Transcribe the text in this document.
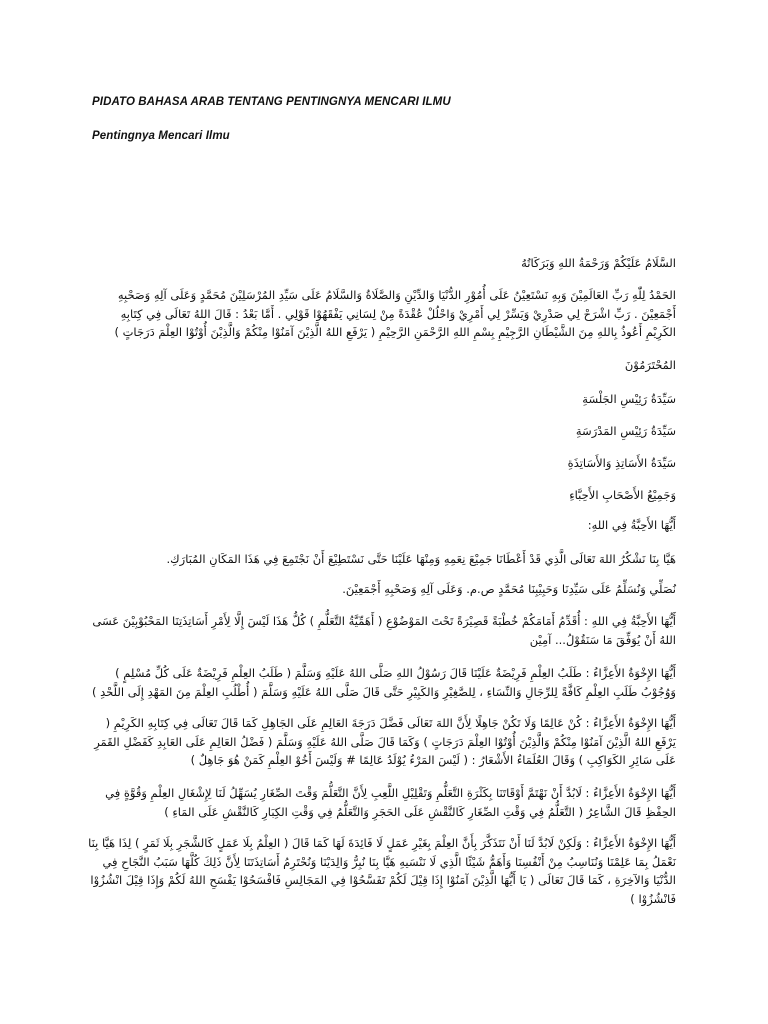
PIDATO BAHASA ARAB TENTANG PENTINGNYA MENCARI ILMU
Pentingnya Mencari Ilmu
السَّلَامُ عَلَيْكُمْ وَرَحْمَةُ اللهِ وَبَرَكَاتُهُ
الحَمْدُ لِلّٰهِ رَبِّ العَالَمِيْنَ وَبِهِ نَسْتَعِيْنُ عَلَى أُمُوْرِ الدُّنْيَا وَالدِّيْنِ وَالصَّلَاةُ وَالسَّلَامُ عَلَى سَيِّدِ المُرْسَلِيْنَ مُحَمَّدٍ وَعَلَى آلِهِ وَصَحْبِهِ أَجْمَعِيْنَ . رَبِّ اشْرَحْ لِي صَدْرِيْ وَيَسِّرْ لِي أَمْرِيْ وَاحْلُلْ عُقْدَةً مِنْ لِسَانِي يَفْقَهُوْا قَوْلِي . أَمَّا بَعْدُ : قَالَ اللهُ تَعَالَى فِي كِتَابِهِ الكَرِيْمِ أَعُوذُ بِاللهِ مِنَ الشَّيْطَانِ الرَّجِيْمِ بِسْمِ اللهِ الرَّحْمَنِ الرَّحِيْمِ ( يَرْفَعِ اللهُ الَّذِيْنَ آمَنُوْا مِنْكُمْ وَالَّذِيْنَ أُوْتُوْا العِلْمَ دَرَجَاتٍ )
المُحْتَرَمُوْنَ
سَيِّدَةُ رَئِيْسِ الجَلْسَةِ
سَيِّدَةُ رَئِيْسِ المَدْرَسَةِ
سَيِّدَةُ الأَسَاتِذِ وَالأَسَاتِذَةِ
وَجَمِيْعُ الأَصْحَابِ الأَحِبَّاءِ
أَيُّهَا الأَحِبَّةُ فِي اللهِ:
هَيَّا بِنَا نَشْكُرُ اللهَ تَعَالَى الَّذِي قَدْ أَعْطَانَا جَمِيْعَ نِعَمِهِ وَمِنْهَا عَلَيْنَا حَتَّى نَسْتَطِيْعَ أَنْ نَجْتَمِعَ فِي هَذَا المَكَانِ المُبَارَكِ.
نُصَلِّي وَنُسَلِّمُ عَلَى سَيِّدِنَا وَحَبِيْبِنَا مُحَمَّدٍ ص.م. وَعَلَى آلِهِ وَصَحْبِهِ أَجْمَعِيْنَ.
أَيُّهَا الأَحِبَّةُ فِي اللهِ : أُقَدِّمُ أَمَامَكُمْ خُطْبَةً قَصِيْرَةً تَحْتَ المَوْضُوْعِ ( أَهَمِّيَّةُ التَّعَلُّمِ ) كُلُّ هَذَا لَيْسَ إِلَّا لِأَمْرِ أَسَاتِذَتِنَا المَحْبُوْبِيْنَ عَسَى اللهُ أَنْ يُوَفِّقَ مَا سَنَقُوْلُ... آمِيْن
أَيُّهَا الإِخْوَةُ الأَعِزَّاءُ : طَلَبُ العِلْمِ فَرِيْضَةٌ عَلَيْنَا قَالَ رَسُوْلُ اللهِ صَلَّى اللهُ عَلَيْهِ وَسَلَّمَ ( طَلَبُ العِلْمِ فَرِيْضَةٌ عَلَى كُلِّ مُسْلِمٍ ) وَوُجُوْبُ طَلَبِ العِلْمِ كَافَّةً لِلرِّجَالِ وَالنِّسَاءِ ، لِلصَّغِيْرِ وَالكَبِيْرِ حَتَّى قَالَ صَلَّى اللهُ عَلَيْهِ وَسَلَّمَ ( أُطْلُبِ العِلْمَ مِنَ المَهْدِ إِلَى اللَّحْدِ )
أَيُّهَا الإِخْوَةُ الأَعِزَّاءُ : كُنْ عَالِمًا وَلَا تَكُنْ جَاهِلًا لِأَنَّ اللهَ تَعَالَى فَضَّلَ دَرَجَةَ العَالِمِ عَلَى الجَاهِلِ كَمَا قَالَ تَعَالَى فِي كِتَابِهِ الكَرِيْمِ ( يَرْفَعِ اللهُ الَّذِيْنَ آمَنُوْا مِنْكُمْ وَالَّذِيْنَ أُوْتُوْا العِلْمَ دَرَجَاتٍ ) وَكَمَا قَالَ صَلَّى اللهُ عَلَيْهِ وَسَلَّمَ ( فَضْلُ العَالِمِ عَلَى العَابِدِ كَفَضْلِ القَمَرِ عَلَى سَائِرِ الكَوَاكِبِ ) وَقَالَ العُلَمَاءُ الأَشْعَارُ : ( لَيْسَ المَرْءُ يُوْلَدُ عَالِمًا # وَلَيْسَ أَخُوْ العِلْمِ كَمَنْ هُوَ جَاهِلٌ )
أَيُّهَا الإِخْوَةُ الأَعِزَّاءُ : لَابُدَّ أَنْ نَهْتَمَّ أَوْقَاتَنَا بِكَثْرَةِ التَّعَلُّمِ وَتَقْلِيْلِ اللَّعِبِ لِأَنَّ التَّعَلُّمَ وَقْتَ الصِّغَارِ يُسَهِّلُ لَنَا لِإِشْغَالِ العِلْمِ وَقُوَّةٍ فِي الحِفْظِ قَالَ الشَّاعِرُ ( التَّعَلُّمُ فِي وَقْتِ الصِّغَارِ كَالنَّقْشِ عَلَى الحَجَرِ وَالتَّعَلُّمُ فِي وَقْتِ الكِبَارِ كَالنَّقْشِ عَلَى المَاءِ )
أَيُّهَا الإِخْوَةُ الأَعِزَّاءُ : وَلَكِنْ لَابُدَّ لَنَا أَنْ نَتَذَكَّرَ بِأَنَّ العِلْمَ بِغَيْرِ عَمَلٍ لَا فَائِدَةَ لَهَا كَمَا قَالَ ( العِلْمُ بِلَا عَمَلٍ كَالشَّجَرِ بِلَا ثَمَرٍ ) لِذَا هَيَّا بِنَا نَعْمَلُ بِمَا عَلِمْنَا وَنُنَاسِبُ مِنْ أَنْفُسِنَا وَأَهَمُّ شَيْئًا الَّذِي لَا نَنْسَيهِ هَيَّا بِنَا نُبِرُّ وَالِدَيْنَا وَنُحْتَرِمُ أَسَاتِذَتَنَا لِأَنَّ ذَلِكَ كُلَّهَا سَبَبُ النَّجَاحِ فِي الدُّنْيَا وَالآخِرَةِ ، كَمَا قَالَ تَعَالَى ( يَا أَيُّهَا الَّذِيْنَ آمَنُوْا إِذَا قِيْلَ لَكُمْ تَفَسَّحُوْا فِي المَجَالِسِ فَافْسَحُوْا يَفْسَحِ اللهُ لَكُمْ وَإِذَا قِيْلَ انْشُزُوْا فَانْشُزُوْا )
